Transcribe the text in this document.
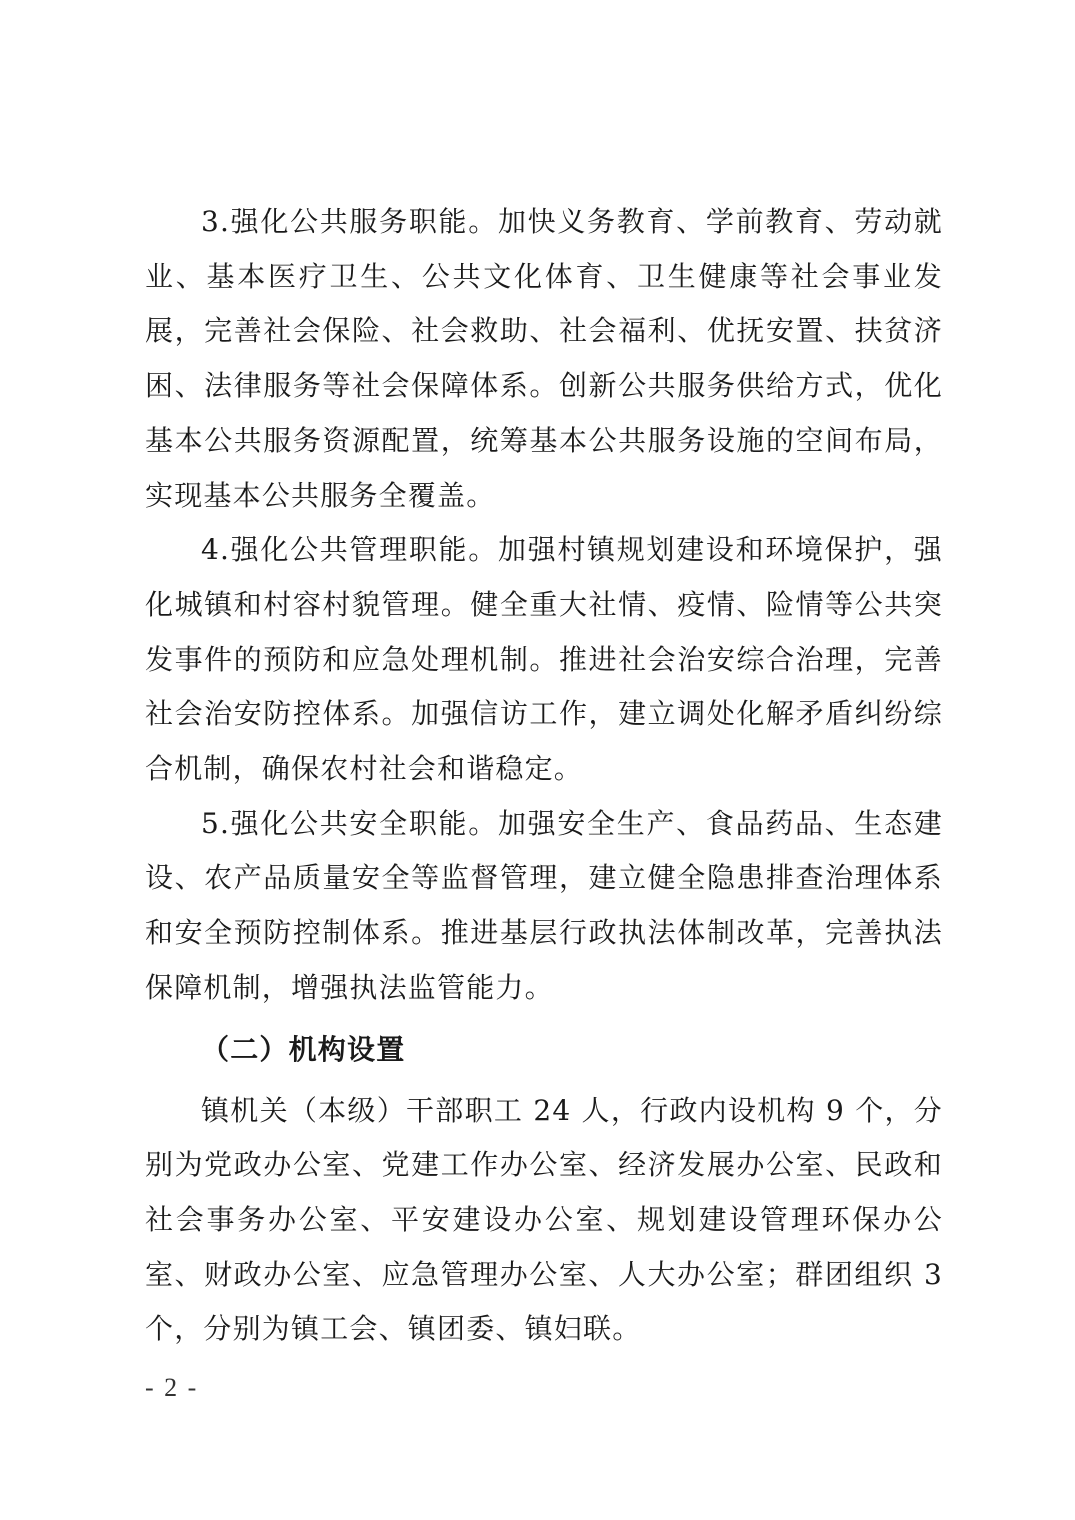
3.强化公共服务职能。加快义务教育、学前教育、劳动就业、基本医疗卫生、公共文化体育、卫生健康等社会事业发展，完善社会保险、社会救助、社会福利、优抚安置、扶贫济困、法律服务等社会保障体系。创新公共服务供给方式，优化基本公共服务资源配置，统筹基本公共服务设施的空间布局，实现基本公共服务全覆盖。

4.强化公共管理职能。加强村镇规划建设和环境保护，强化城镇和村容村貌管理。健全重大社情、疫情、险情等公共突发事件的预防和应急处理机制。推进社会治安综合治理，完善社会治安防控体系。加强信访工作，建立调处化解矛盾纠纷综合机制，确保农村社会和谐稳定。

5.强化公共安全职能。加强安全生产、食品药品、生态建设、农产品质量安全等监督管理，建立健全隐患排查治理体系和安全预防控制体系。推进基层行政执法体制改革，完善执法保障机制，增强执法监管能力。

（二）机构设置

镇机关（本级）干部职工 24 人，行政内设机构 9 个，分别为党政办公室、党建工作办公室、经济发展办公室、民政和社会事务办公室、平安建设办公室、规划建设管理环保办公室、财政办公室、应急管理办公室、人大办公室；群团组织 3 个，分别为镇工会、镇团委、镇妇联。

- 2 -
